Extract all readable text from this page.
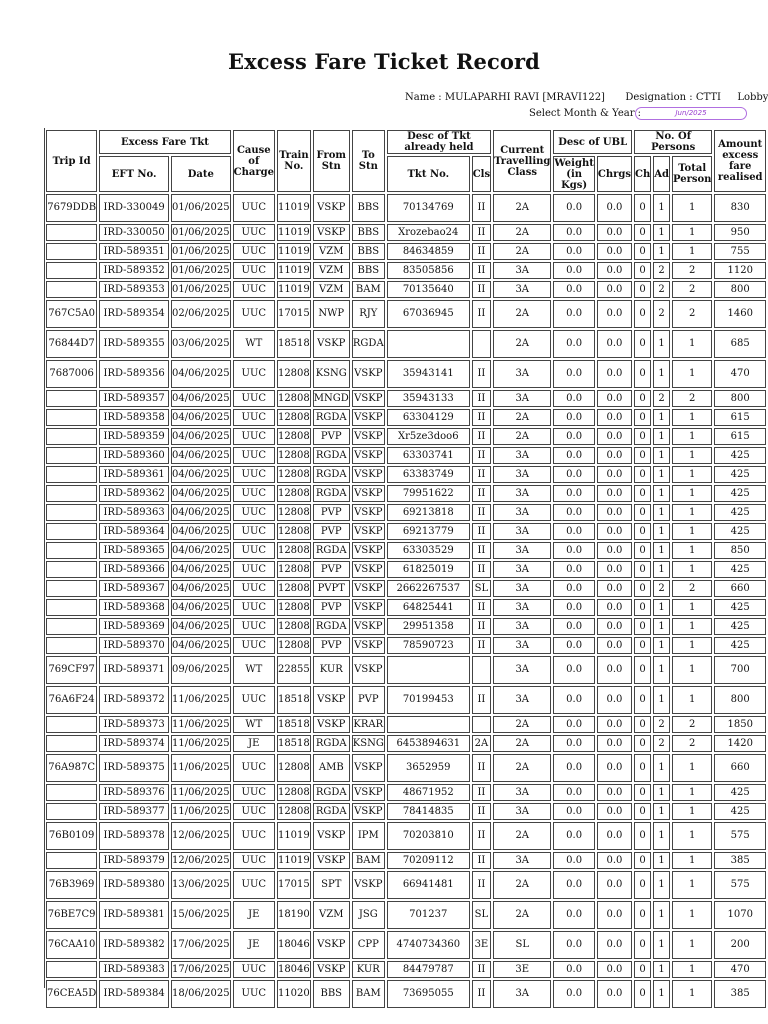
Excess Fare Ticket Record
Name : MULAPARHI RAVI [MRAVI122] Designation : CTTI Lobby
Select Month & Year :	Jun/2025
Trip Id	Excess Fare Tkt		Cause of Charge	Train No.	From Stn	To Stn	Desc of Tkt already held		Current Travelling Class	Desc of UBL		No. Of Persons			Amount excess fare realised
	EFT No.	Date					Tkt No.	Cls		Weight (in Kgs)	Chrgs	Ch	Ad	Total Person	
7679DDB	IRD-330049	01/06/2025	UUC	11019	VSKP	BBS	70134769	II	2A	0.0	0.0	0	1	1	830
	IRD-330050	01/06/2025	UUC	11019	VSKP	BBS	Xrozebao24	II	2A	0.0	0.0	0	1	1	950
	IRD-589351	01/06/2025	UUC	11019	VZM	BBS	84634859	II	2A	0.0	0.0	0	1	1	755
	IRD-589352	01/06/2025	UUC	11019	VZM	BBS	83505856	II	3A	0.0	0.0	0	2	2	1120
	IRD-589353	01/06/2025	UUC	11019	VZM	BAM	70135640	II	3A	0.0	0.0	0	2	2	800
767C5A0	IRD-589354	02/06/2025	UUC	17015	NWP	RJY	67036945	II	2A	0.0	0.0	0	2	2	1460
76844D7	IRD-589355	03/06/2025	WT	18518	VSKP	RGDA			2A	0.0	0.0	0	1	1	685
7687006	IRD-589356	04/06/2025	UUC	12808	KSNG	VSKP	35943141	II	3A	0.0	0.0	0	1	1	470
	IRD-589357	04/06/2025	UUC	12808	MNGD	VSKP	35943133	II	3A	0.0	0.0	0	2	2	800
	IRD-589358	04/06/2025	UUC	12808	RGDA	VSKP	63304129	II	2A	0.0	0.0	0	1	1	615
	IRD-589359	04/06/2025	UUC	12808	PVP	VSKP	Xr5ze3doo6	II	2A	0.0	0.0	0	1	1	615
	IRD-589360	04/06/2025	UUC	12808	RGDA	VSKP	63303741	II	3A	0.0	0.0	0	1	1	425
	IRD-589361	04/06/2025	UUC	12808	RGDA	VSKP	63383749	II	3A	0.0	0.0	0	1	1	425
	IRD-589362	04/06/2025	UUC	12808	RGDA	VSKP	79951622	II	3A	0.0	0.0	0	1	1	425
	IRD-589363	04/06/2025	UUC	12808	PVP	VSKP	69213818	II	3A	0.0	0.0	0	1	1	425
	IRD-589364	04/06/2025	UUC	12808	PVP	VSKP	69213779	II	3A	0.0	0.0	0	1	1	425
	IRD-589365	04/06/2025	UUC	12808	RGDA	VSKP	63303529	II	3A	0.0	0.0	0	1	1	850
	IRD-589366	04/06/2025	UUC	12808	PVP	VSKP	61825019	II	3A	0.0	0.0	0	1	1	425
	IRD-589367	04/06/2025	UUC	12808	PVPT	VSKP	2662267537	SL	3A	0.0	0.0	0	2	2	660
	IRD-589368	04/06/2025	UUC	12808	PVP	VSKP	64825441	II	3A	0.0	0.0	0	1	1	425
	IRD-589369	04/06/2025	UUC	12808	RGDA	VSKP	29951358	II	3A	0.0	0.0	0	1	1	425
	IRD-589370	04/06/2025	UUC	12808	PVP	VSKP	78590723	II	3A	0.0	0.0	0	1	1	425
769CF97	IRD-589371	09/06/2025	WT	22855	KUR	VSKP			3A	0.0	0.0	0	1	1	700
76A6F24	IRD-589372	11/06/2025	UUC	18518	VSKP	PVP	70199453	II	3A	0.0	0.0	0	1	1	800
	IRD-589373	11/06/2025	WT	18518	VSKP	KRAR			2A	0.0	0.0	0	2	2	1850
	IRD-589374	11/06/2025	JE	18518	RGDA	KSNG	6453894631	2A	2A	0.0	0.0	0	2	2	1420
76A987C	IRD-589375	11/06/2025	UUC	12808	AMB	VSKP	3652959	II	2A	0.0	0.0	0	1	1	660
	IRD-589376	11/06/2025	UUC	12808	RGDA	VSKP	48671952	II	3A	0.0	0.0	0	1	1	425
	IRD-589377	11/06/2025	UUC	12808	RGDA	VSKP	78414835	II	3A	0.0	0.0	0	1	1	425
76B0109	IRD-589378	12/06/2025	UUC	11019	VSKP	IPM	70203810	II	2A	0.0	0.0	0	1	1	575
	IRD-589379	12/06/2025	UUC	11019	VSKP	BAM	70209112	II	3A	0.0	0.0	0	1	1	385
76B3969	IRD-589380	13/06/2025	UUC	17015	SPT	VSKP	66941481	II	2A	0.0	0.0	0	1	1	575
76BE7C9	IRD-589381	15/06/2025	JE	18190	VZM	JSG	701237	SL	2A	0.0	0.0	0	1	1	1070
76CAA10	IRD-589382	17/06/2025	JE	18046	VSKP	CPP	4740734360	3E	SL	0.0	0.0	0	1	1	200
	IRD-589383	17/06/2025	UUC	18046	VSKP	KUR	84479787	II	3E	0.0	0.0	0	1	1	470
76CEA5D	IRD-589384	18/06/2025	UUC	11020	BBS	BAM	73695055	II	3A	0.0	0.0	0	1	1	385
